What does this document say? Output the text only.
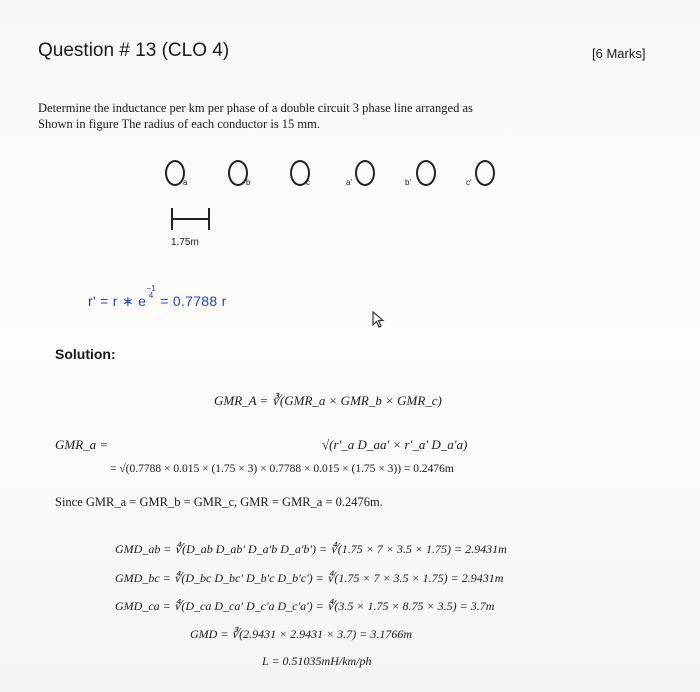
Question # 13 (CLO 4)	[6 Marks]
Determine the inductance per km per phase of a double circuit 3 phase line arranged as
Shown in figure The radius of each conductor is 15 mm.
a	b	c	a'	b'	c'
1.75m
r' = r ∗ e−1
4 = 0.7788 r
Solution:
GMR_A = ∛(GMR_a × GMR_b × GMR_c)
GMR_a =	√(r'_a D_aa' × r'_a' D_a'a)
= √(0.7788 × 0.015 × (1.75 × 3) × 0.7788 × 0.015 × (1.75 × 3)) = 0.2476m
Since GMR_a = GMR_b = GMR_c, GMR = GMR_a = 0.2476m.
GMD_ab = ∜(D_ab D_ab' D_a'b D_a'b') = ∜(1.75 × 7 × 3.5 × 1.75) = 2.9431m
GMD_bc = ∜(D_bc D_bc' D_b'c D_b'c') = ∜(1.75 × 7 × 3.5 × 1.75) = 2.9431m
GMD_ca = ∜(D_ca D_ca' D_c'a D_c'a') = ∜(3.5 × 1.75 × 8.75 × 3.5) = 3.7m
GMD = ∛(2.9431 × 2.9431 × 3.7) = 3.1766m
L = 0.51035mH/km/ph
